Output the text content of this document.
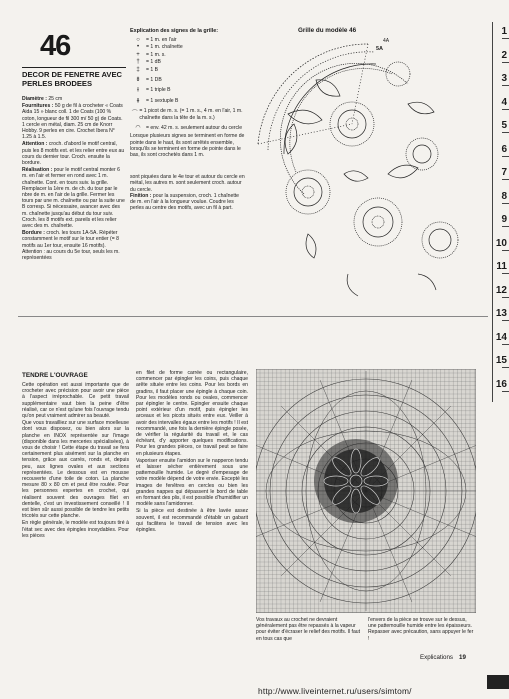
46
DECOR DE FENETRE AVEC PERLES BRODEES

Diamètre : 25 cm

Fournitures : 50 g de fil à crocheter « Coats Aida 15 » blanc coll. 1 de Coats (100 % coton, longueur de fil 300 m/ 50 g) de Coats. 1 cercle en métal, diam. 25 cm de Knorr Hobby. 9 perles en cire. Crochet Ibera N° 1.25 à 1.5.

Attention : croch. d'abord le motif central, puis les 8 motifs ext. et les relier entre eux au cours du dernier tour. Croch. ensuite la bordure.

Réalisation : pour le motif central monter 6 m. en l'air et fermer en rond avec 1 m. chaînette. Cont. en tours suiv. la grille. Remplacer la 1ère m. de ch. du tour par le nbre de m. en l'air de la grille. Fermer les tours par une m. chaînette ou par la suite une B corresp. Si nécessaire, avancer avec des m. chaînette jusqu'au début du tour suiv. Croch. les 8 motifs ext. pareils et les relier avec des m. chaînette.

Bordure : croch. les tours 1A-5A. Répéter constamment le motif sur le tour entier (= 8 motifs au 1er tour, ensuite 16 motifs). Attention : au cours du 5e tour, seuls les m. représentées

Explication des signes de la grille:
○	= 1 m. en l'air
•	= 1 m. chaînette
+	= 1 m. s.
†	= 1 dB
‡	= 1 B
⇟	= 1 DB
⫲	= 1 triple B
⫵	= 1 sextuple B
⌒
= 1 picot de m. s. (= 1 m. s., 4 m. en l'air, 1 m. chaînette dans la tête de la m. s.)
◠	= env. 42 m. s. seulement autour du cercle

Lorsque plusieurs signes se terminent en forme de pointe dans le haut, ils sont arrêtés ensemble, lorsqu'ils se terminent en forme de pointe dans le bas, ils sont crochetés dans 1 m.

sont piquées dans le 4e tour et autour du cercle en métal, les autres m. sont seulement croch. autour du cercle.

Finition : pour la suspension, croch. 1 chaînette de m. en l'air à la longueur voulue. Coudre les perles au centre des motifs, avec un fil à part.

Grille du modèle 46
5A
4A
1
2
3
4
5
6
7
8
9
10
11
12
13
14
15
16
TENDRE L'OUVRAGE

Cette opération est aussi importante que de crocheter avec précision pour avoir une pièce à l'aspect irréprochable. Ce petit travail supplémentaire vaut bien la peine d'être réalisé, car ce n'est qu'une fois l'ouvrage tendu qu'on peut vraiment admirer sa beauté.

Que vous travailliez sur une surface moelleuse dont vous disposez, ou bien alors sur la planche en INOX représentée sur l'image (disponible dans les merceries spécialisées), à vous de choisir ! Cette étape du travail se fera certainement plus aisément sur la planche en tension, grâce aux carrés, ronds et, depuis peu, aux lignes ovales et aux sections représentées. Le dessous est en mousse recouverte d'une toile de coton. La planche mesure 80 x 80 cm et peut être roulée. Pour les personnes expertes en crochet, qui réalisent souvent des ouvrages filet en dentelle, c'est un investissement conseillé ! Il est bien sûr aussi possible de tendre les petits tricotés sur cette planche.

En règle générale, le modèle est toujours tiré à l'état sec avec des épingles inoxydables. Pour les pièces

en filet de forme carrée ou rectangulaire, commencer par épingler les coins, puis chaque arête située entre les coins. Pour les bords en gradins, il faut placer une épingle à chaque coin. Pour les modèles ronds ou ovales, commencer par épingler le centre. Epingler ensuite chaque point extérieur d'un motif, puis épingler les arceaux et les picots situés entre eux. Veiller à avoir des intervalles égaux entre les motifs ! Il est recommandé, une fois la dernière épingle posée, de vérifier la régularité du travail et, le cas échéant, d'y apporter quelques modifications. Pour les grandes pièces, ce travail peut se faire en plusieurs étapes.

Vaporiser ensuite l'amidon sur le napperon tendu et laisser sécher entièrement sous une pattemouille humide. Le degré d'empesage de votre modèle dépend de votre envie. Excepté les images de fenêtres en cercles ou bien les grandes nappes qui dépassent le bord de table en formant des plis, il est possible d'humidifier un modèle sans l'amidonner.

Si la pièce est destinée à être lavée assez souvent, il est recommandé d'établir un gabarit qui facilitera le travail de tension avec les épingles.

Vos travaux au crochet ne devraient généralement pas être repassés à la vapeur pour éviter d'écraser le relief des motifs. Il faut en tous cas que

l'envers de la pièce se trouve sur le dessus, une pattemouille humide entre les épaisseurs. Repasser avec précaution, sans appuyer le fer !

Explications 19
http://www.liveinternet.ru/users/simtom/
